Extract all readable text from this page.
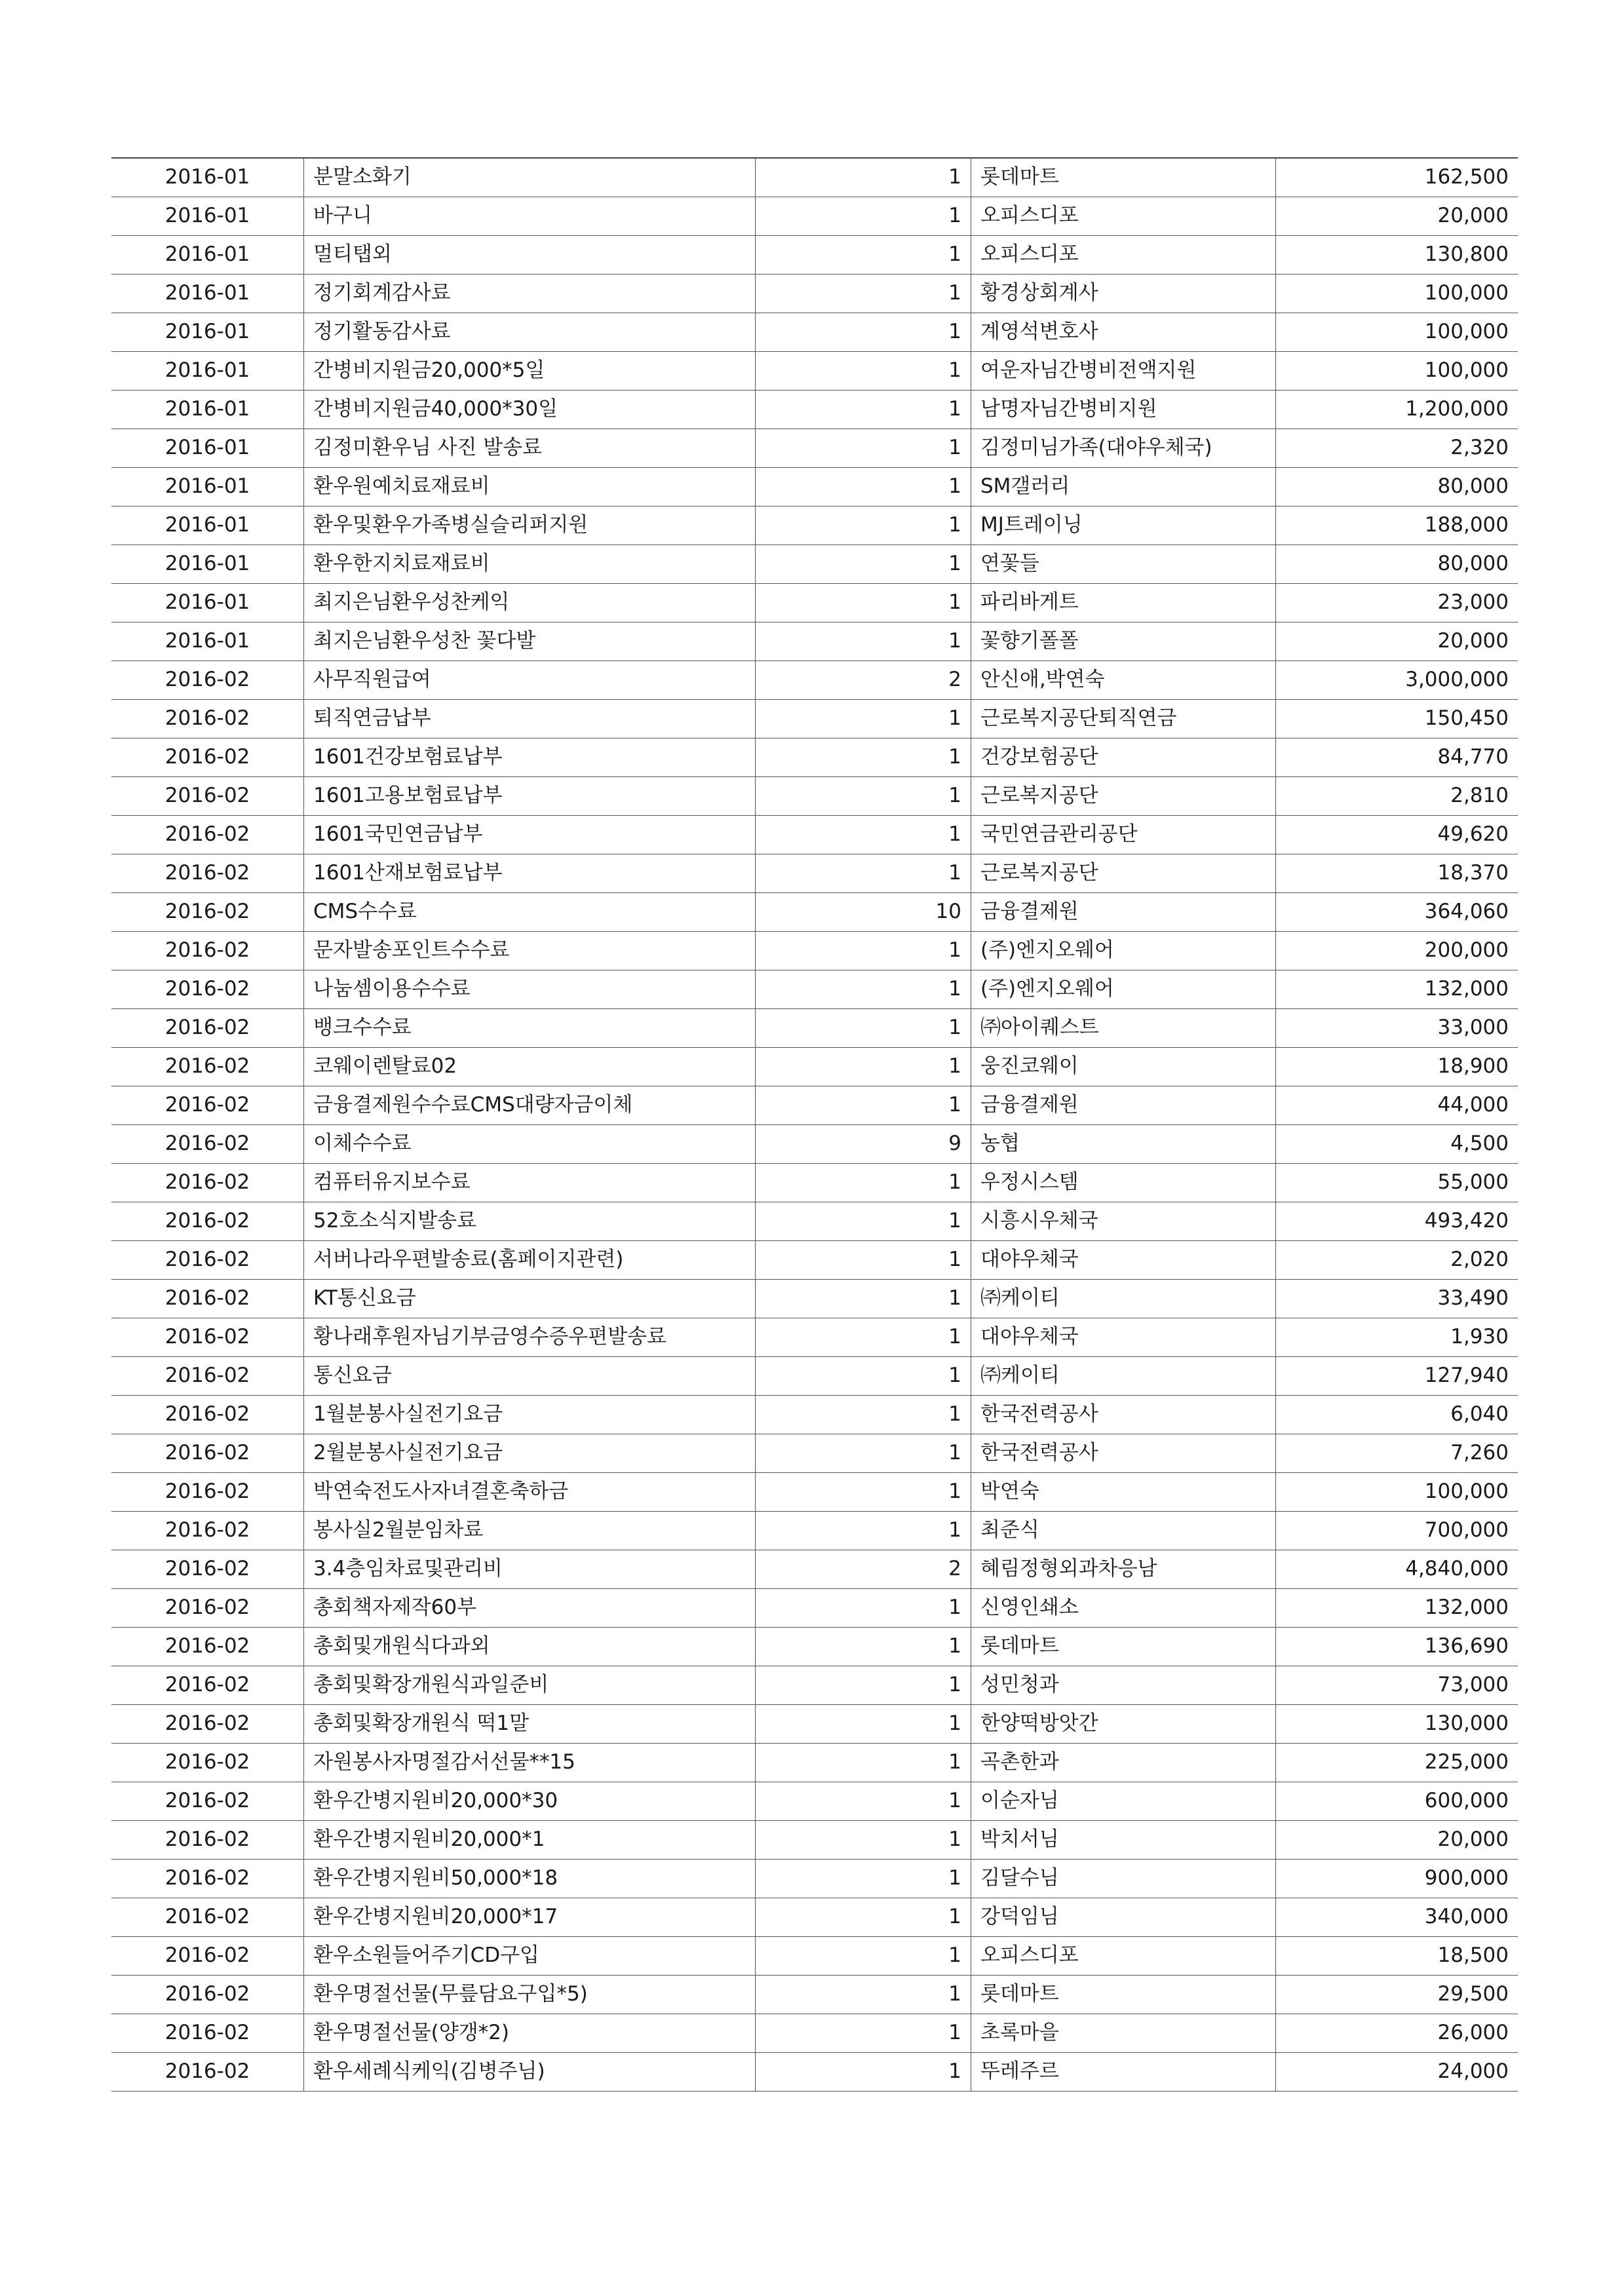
2016-01	분말소화기	1	롯데마트	162,500
2016-01	바구니	1	오피스디포	20,000
2016-01	멀티탭외	1	오피스디포	130,800
2016-01	정기회계감사료	1	황경상회계사	100,000
2016-01	정기활동감사료	1	계영석변호사	100,000
2016-01	간병비지원금20,000*5일	1	여운자님간병비전액지원	100,000
2016-01	간병비지원금40,000*30일	1	남명자님간병비지원	1,200,000
2016-01	김정미환우님 사진 발송료	1	김정미님가족(대야우체국)	2,320
2016-01	환우원예치료재료비	1	SM갤러리	80,000
2016-01	환우및환우가족병실슬리퍼지원	1	MJ트레이닝	188,000
2016-01	환우한지치료재료비	1	연꽃들	80,000
2016-01	최지은님환우성찬케익	1	파리바게트	23,000
2016-01	최지은님환우성찬 꽃다발	1	꽃향기폴폴	20,000
2016-02	사무직원급여	2	안신애,박연숙	3,000,000
2016-02	퇴직연금납부	1	근로복지공단퇴직연금	150,450
2016-02	1601건강보험료납부	1	건강보험공단	84,770
2016-02	1601고용보험료납부	1	근로복지공단	2,810
2016-02	1601국민연금납부	1	국민연금관리공단	49,620
2016-02	1601산재보험료납부	1	근로복지공단	18,370
2016-02	CMS수수료	10	금융결제원	364,060
2016-02	문자발송포인트수수료	1	(주)엔지오웨어	200,000
2016-02	나눔셈이용수수료	1	(주)엔지오웨어	132,000
2016-02	뱅크수수료	1	㈜아이퀘스트	33,000
2016-02	코웨이렌탈료02	1	웅진코웨이	18,900
2016-02	금융결제원수수료CMS대량자금이체	1	금융결제원	44,000
2016-02	이체수수료	9	농협	4,500
2016-02	컴퓨터유지보수료	1	우정시스템	55,000
2016-02	52호소식지발송료	1	시흥시우체국	493,420
2016-02	서버나라우편발송료(홈페이지관련)	1	대야우체국	2,020
2016-02	KT통신요금	1	㈜케이티	33,490
2016-02	황나래후원자님기부금영수증우편발송료	1	대야우체국	1,930
2016-02	통신요금	1	㈜케이티	127,940
2016-02	1월분봉사실전기요금	1	한국전력공사	6,040
2016-02	2월분봉사실전기요금	1	한국전력공사	7,260
2016-02	박연숙전도사자녀결혼축하금	1	박연숙	100,000
2016-02	봉사실2월분임차료	1	최준식	700,000
2016-02	3.4층임차료및관리비	2	혜림정형외과차응남	4,840,000
2016-02	총회책자제작60부	1	신영인쇄소	132,000
2016-02	총회및개원식다과외	1	롯데마트	136,690
2016-02	총회및확장개원식과일준비	1	성민청과	73,000
2016-02	총회및확장개원식 떡1말	1	한양떡방앗간	130,000
2016-02	자원봉사자명절감서선물**15	1	곡촌한과	225,000
2016-02	환우간병지원비20,000*30	1	이순자님	600,000
2016-02	환우간병지원비20,000*1	1	박치서님	20,000
2016-02	환우간병지원비50,000*18	1	김달수님	900,000
2016-02	환우간병지원비20,000*17	1	강덕임님	340,000
2016-02	환우소원들어주기CD구입	1	오피스디포	18,500
2016-02	환우명절선물(무릎담요구입*5)	1	롯데마트	29,500
2016-02	환우명절선물(양갱*2)	1	초록마을	26,000
2016-02	환우세례식케익(김병주님)	1	뚜레주르	24,000
